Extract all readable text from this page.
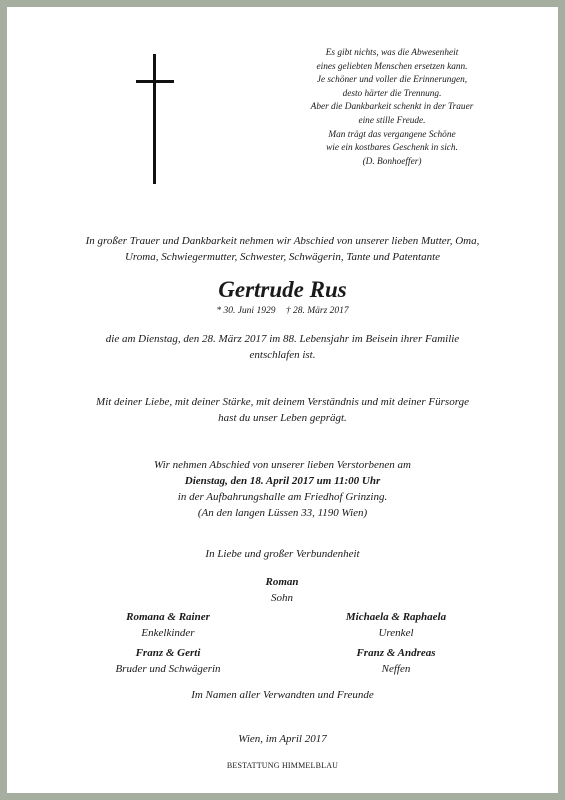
Es gibt nichts, was die Abwesenheit
eines geliebten Menschen ersetzen kann.
Je schöner und voller die Erinnerungen,
desto härter die Trennung.
Aber die Dankbarkeit schenkt in der Trauer
eine stille Freude.
Man trägt das vergangene Schöne
wie ein kostbares Geschenk in sich.
(D. Bonhoeffer)
In großer Trauer und Dankbarkeit nehmen wir Abschied von unserer lieben Mutter, Oma,
Uroma, Schwiegermutter, Schwester, Schwägerin, Tante und Patentante
Gertrude Rus
* 30. Juni 1929 † 28. März 2017
die am Dienstag, den 28. März 2017 im 88. Lebensjahr im Beisein ihrer Familie
entschlafen ist.
Mit deiner Liebe, mit deiner Stärke, mit deinem Verständnis und mit deiner Fürsorge
hast du unser Leben geprägt.
Wir nehmen Abschied von unserer lieben Verstorbenen am
Dienstag, den 18. April 2017 um 11:00 Uhr
in der Aufbahrungshalle am Friedhof Grinzing.
(An den langen Lüssen 33, 1190 Wien)
In Liebe und großer Verbundenheit
Roman
Sohn
Romana & Rainer
Enkelkinder
Michaela & Raphaela
Urenkel
Franz & Gerti
Bruder und Schwägerin
Franz & Andreas
Neffen
Im Namen aller Verwandten und Freunde
Wien, im April 2017
BESTATTUNG HIMMELBLAU
